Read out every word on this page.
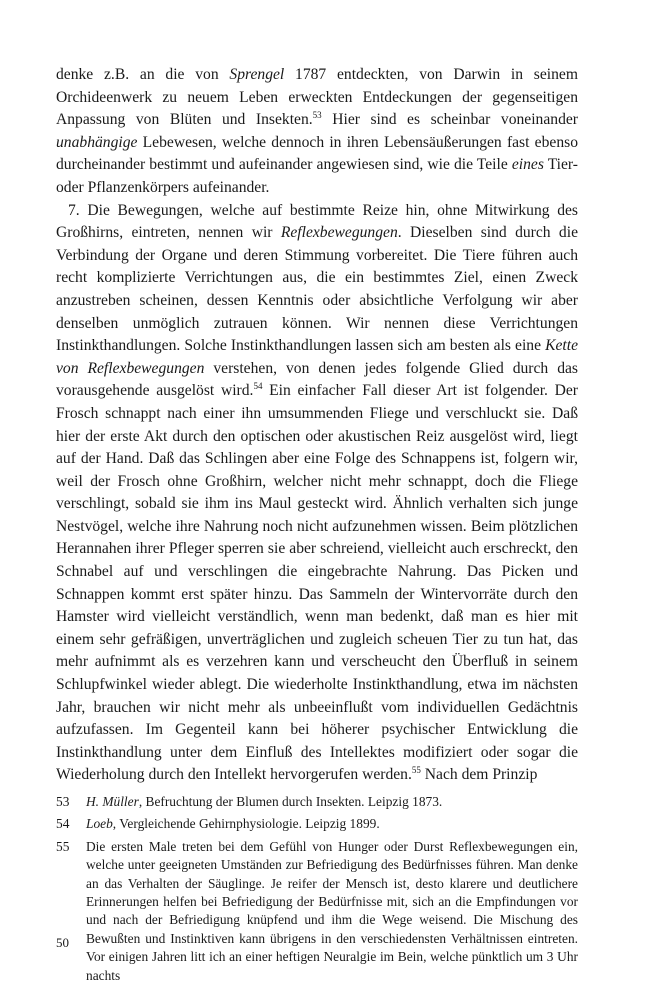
denke z.B. an die von Sprengel 1787 entdeckten, von Darwin in seinem Orchideenwerk zu neuem Leben erweckten Entdeckungen der gegenseitigen Anpassung von Blüten und Insekten.$^{53}$ Hier sind es scheinbar voneinander unabhängige Lebewesen, welche dennoch in ihren Lebensäußerungen fast ebenso durcheinander bestimmt und aufeinander angewiesen sind, wie die Teile eines Tier- oder Pflanzenkörpers aufeinander.

7. Die Bewegungen, welche auf bestimmte Reize hin, ohne Mitwirkung des Großhirns, eintreten, nennen wir Reflexbewegungen. Dieselben sind durch die Verbindung der Organe und deren Stimmung vorbereitet. Die Tiere führen auch recht komplizierte Verrichtungen aus, die ein bestimmtes Ziel, einen Zweck anzustreben scheinen, dessen Kenntnis oder absichtliche Verfolgung wir aber denselben unmöglich zutrauen können. Wir nennen diese Verrichtungen Instinkthandlungen. Solche Instinkthandlungen lassen sich am besten als eine Kette von Reflexbewegungen verstehen, von denen jedes folgende Glied durch das vorausgehende ausgelöst wird.$^{54}$ Ein einfacher Fall dieser Art ist folgender. Der Frosch schnappt nach einer ihn umsummenden Fliege und verschluckt sie. Daß hier der erste Akt durch den optischen oder akustischen Reiz ausgelöst wird, liegt auf der Hand. Daß das Schlingen aber eine Folge des Schnappens ist, folgern wir, weil der Frosch ohne Großhirn, welcher nicht mehr schnappt, doch die Fliege verschlingt, sobald sie ihm ins Maul gesteckt wird. Ähnlich verhalten sich junge Nestvögel, welche ihre Nahrung noch nicht aufzunehmen wissen. Beim plötzlichen Herannahen ihrer Pfleger sperren sie aber schreiend, vielleicht auch erschreckt, den Schnabel auf und verschlingen die eingebrachte Nahrung. Das Picken und Schnappen kommt erst später hinzu. Das Sammeln der Wintervorräte durch den Hamster wird vielleicht verständlich, wenn man bedenkt, daß man es hier mit einem sehr gefräßigen, unverträglichen und zugleich scheuen Tier zu tun hat, das mehr aufnimmt als es verzehren kann und verscheucht den Überfluß in seinem Schlupfwinkel wieder ablegt. Die wiederholte Instinkthandlung, etwa im nächsten Jahr, brauchen wir nicht mehr als unbeeinflußt vom individuellen Gedächtnis aufzufassen. Im Gegenteil kann bei höherer psychischer Entwicklung die Instinkthandlung unter dem Einfluß des Intellektes modifiziert oder sogar die Wiederholung durch den Intellekt hervorgerufen werden.$^{55}$ Nach dem Prinzip

53	H. Müller, Befruchtung der Blumen durch Insekten. Leipzig 1873.
54	Loeb, Vergleichende Gehirnphysiologie. Leipzig 1899.
55	Die ersten Male treten bei dem Gefühl von Hunger oder Durst Reflexbewegungen ein, welche unter geeigneten Umständen zur Befriedigung des Bedürfnisses führen. Man denke an das Verhalten der Säuglinge. Je reifer der Mensch ist, desto klarere und deutlichere Erinnerungen helfen bei Befriedigung der Bedürfnisse mit, sich an die Empfindungen vor und nach der Befriedigung knüpfend und ihm die Wege weisend. Die Mischung des Bewußten und Instinktiven kann übrigens in den verschiedensten Verhältnissen eintreten. Vor einigen Jahren litt ich an einer heftigen Neuralgie im Bein, welche pünktlich um 3 Uhr nachts
50
